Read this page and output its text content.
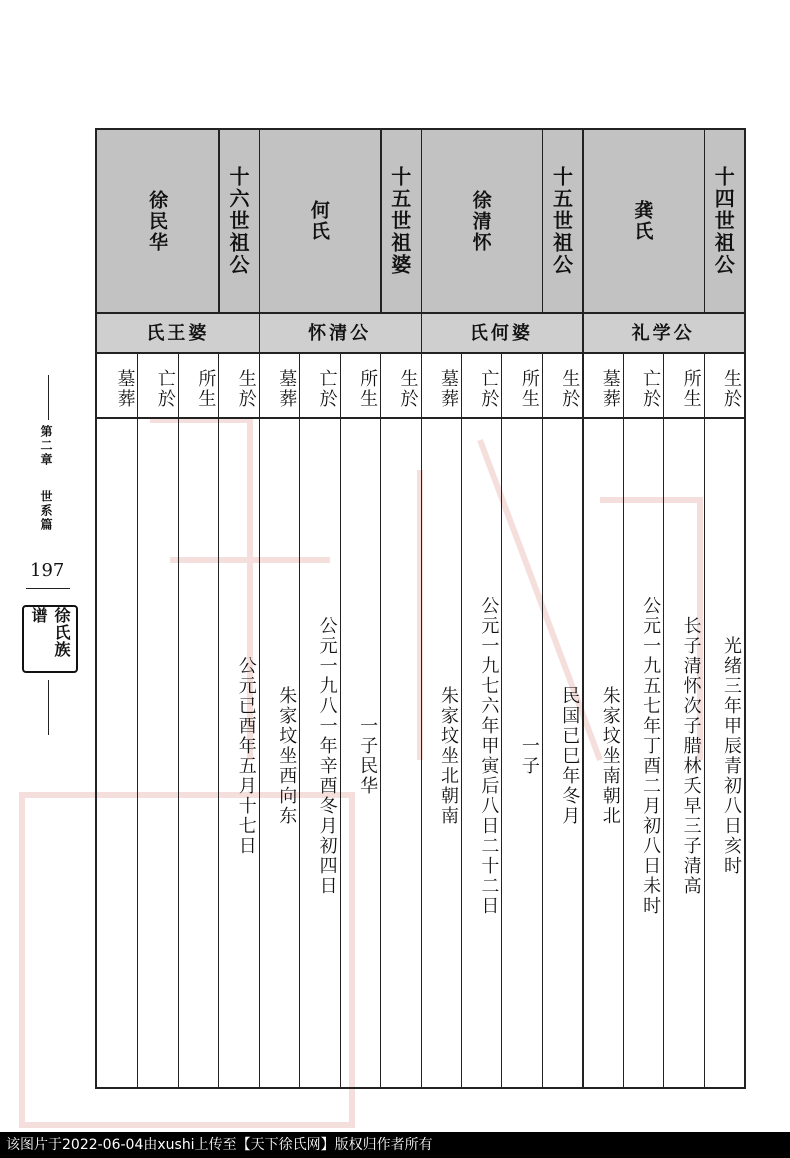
第二章
世系篇
197
徐氏族谱
十四世祖公
龚氏
礼学公
生於
光绪三年甲辰青初八日亥时
所生
长子清怀次子腊林夭早三子清高
亡於
公元一九五七年丁酉二月初八日未时
墓葬
朱家坟坐南朝北
十五世祖公
徐清怀
氏何婆
生於
民国已巳年冬月
所生
一子
亡於
公元一九七六年甲寅后八日二十二日
墓葬
朱家坟坐北朝南
十五世祖婆
何氏
怀清公
生於
所生
一子民华
亡於
公元一九八一年辛酉冬月初四日
墓葬
朱家坟坐西向东
十六世祖公
徐民华
氏王婆
生於
公元已酉年五月十七日
所生
亡於
墓葬
该图片于2022-06-04由xushi上传至【天下徐氏网】版权归作者所有
